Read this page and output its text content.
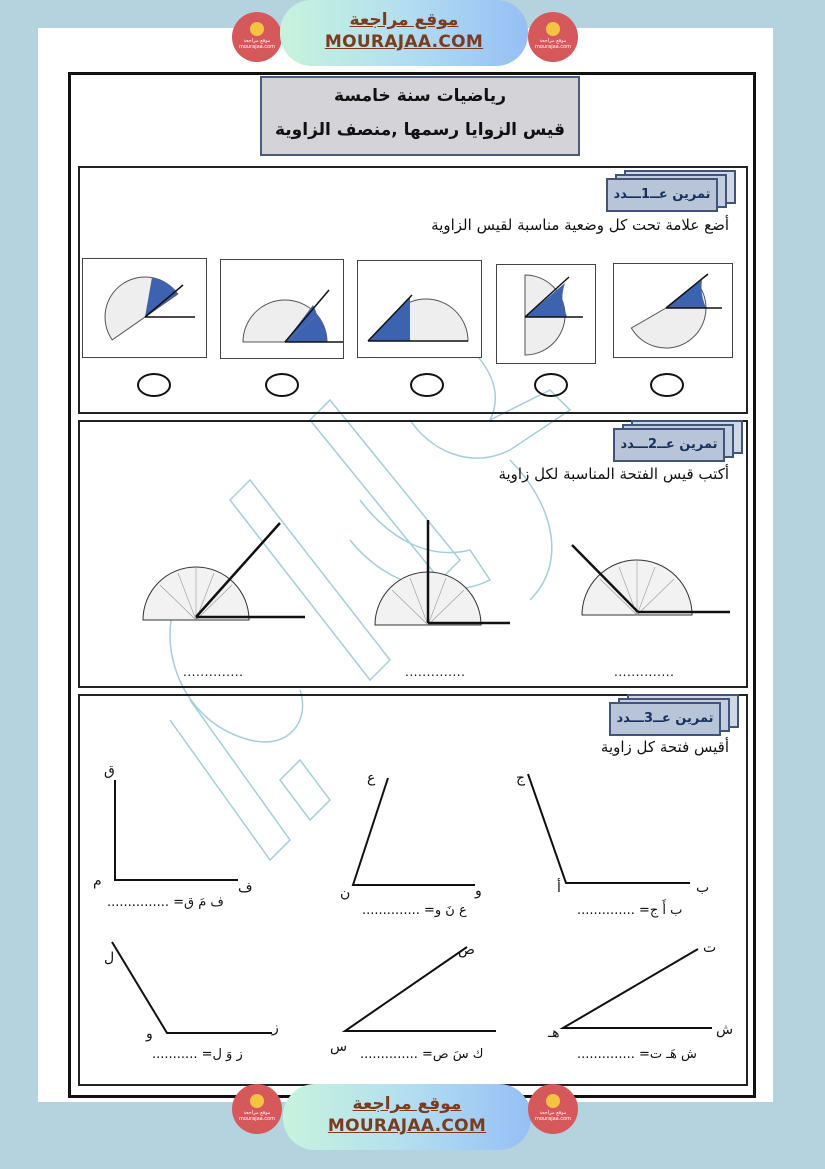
موقع مراجعة
mourajaa.com
موقع مراجعة
MOURAJAA.COM	موقع مراجعة
mourajaa.com
رياضيات سنة خامسة
قيس الزوايا رسمها ,منصف الزاوية
تمرين عــ1ـــدد
أضع علامة تحت كل وضعية مناسبة لقيس الزاوية
تمرين عــ2ـــدد
أكتب قيس الفتحة المناسبة لكل زاوية
..............	..............	..............
تمرين عــ3ـــدد
أقيس فتحة كل زاوية
ق
م	ف
ف مَ ق= ...............
ع
ن	و
ع نَ و= ..............
ج
أ	ب
ب أَ ج= ..............
ل
و	ز
ز وَ ل= ...........
ص
س ك سَ ص= ..............
ت
هـ	ش
ش هَـ ت= ..............
موقع مراجعة
mourajaa.com
موقع مراجعة
MOURAJAA.COM
موقع مراجعة
mourajaa.com
